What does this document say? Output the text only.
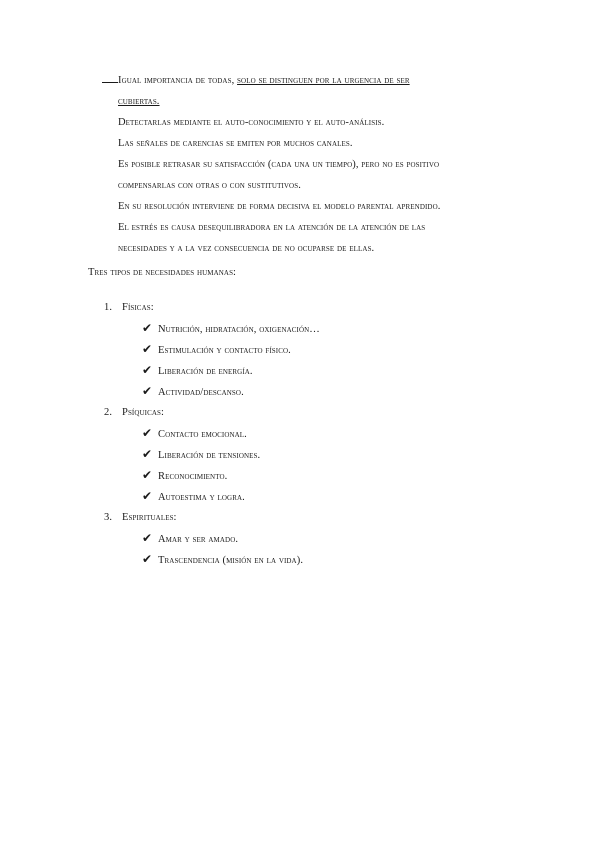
Igual importancia de todas, solo se distinguen por la urgencia de ser
cubiertas.
Detectarlas mediante el auto-conocimiento y el auto-análisis.
Las señales de carencias se emiten por muchos canales.
Es posible retrasar su satisfacción (cada una un tiempo), pero no es positivo
compensarlas con otras o con sustitutivos.
En su resolución interviene de forma decisiva el modelo parental aprendido.
El estrés es causa desequilibradora en la atención de la atención de las
necesidades y a la vez consecuencia de no ocuparse de ellas.
Tres tipos de necesidades humanas:
1. Físicas:
✔ Nutrición, hidratación, oxigenación…
✔ Estimulación y contacto físico.
✔ Liberación de energía.
✔ Actividad/descanso.
2. Psíquicas:
✔ Contacto emocional.
✔ Liberación de tensiones.
✔ Reconocimiento.
✔ Autoestima y logra.
3. Espirituales:
✔ Amar y ser amado.
✔ Trascendencia (misión en la vida).
